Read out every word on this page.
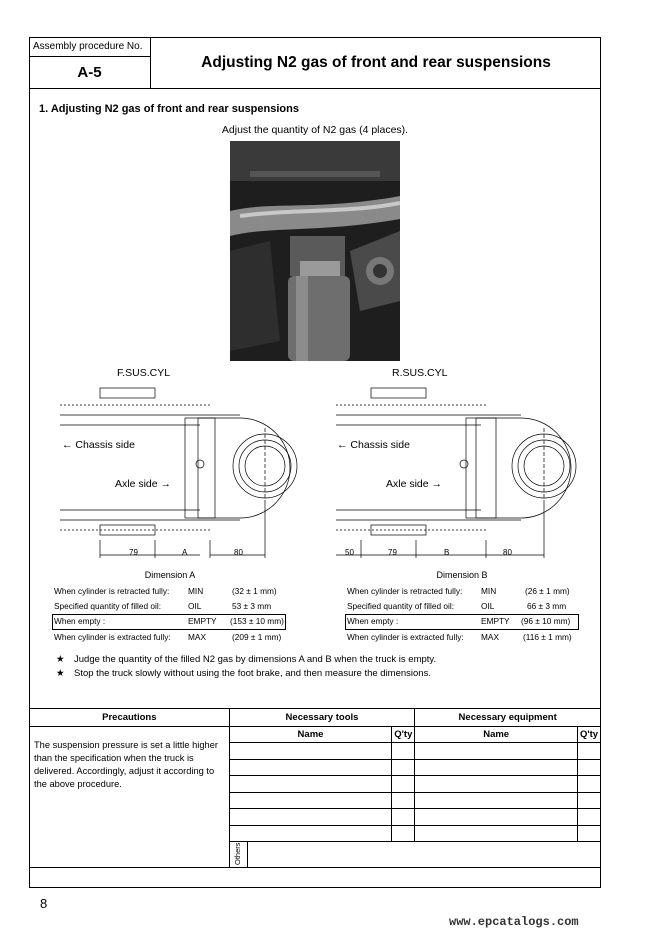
Assembly procedure No.
A-5
Adjusting N2 gas of front and rear suspensions
1. Adjusting N2 gas of front and rear suspensions
Adjust the quantity of N2 gas (4 places).
F.SUS.CYL
← Chassis side
Axle side →
79	A	80
Dimension A
R.SUS.CYL
← Chassis side
Axle side →
50	79	B	80
Dimension B
When cylinder is retracted fully: MIN	(32 ± 1 mm)
Specified quantity of filled oil:	OIL	53 ± 3 mm
When empty :	EMPTY (153 ± 10 mm)
When cylinder is extracted fully: MAX	(209 ± 1 mm)
When cylinder is retracted fully: MIN	(26 ± 1 mm)
Specified quantity of filled oil:	OIL	66 ± 3 mm
When empty :	EMPTY (96 ± 10 mm)
When cylinder is extracted fully: MAX	(116 ± 1 mm)
★ Judge the quantity of the filled N2 gas by dimensions A and B when the truck is empty.
★ Stop the truck slowly without using the foot brake, and then measure the dimensions.
Precautions	Necessary tools		Necessary equipment	
The suspension pressure is set a little higher than the specification when the truck is delivered. Accordingly, adjust it according to the above procedure.	Name	Q'ty	Name	Q'ty

	Others			
8
www.epcatalogs.com
